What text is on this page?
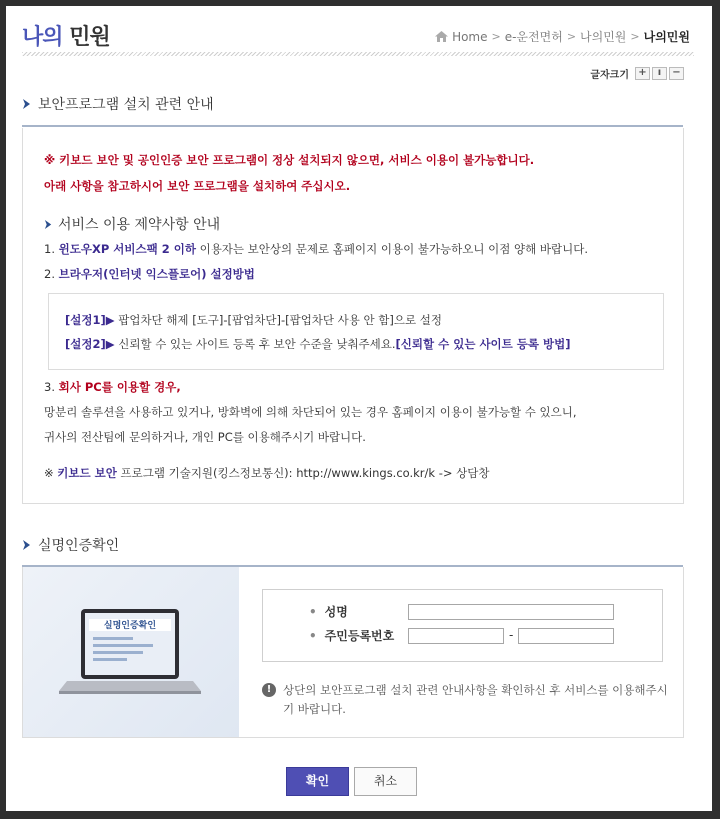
나의 민원	Home > e-운전면허 > 나의민원 > 나의민원
글자크기 +	ı	−
보안프로그램 설치 관련 안내
※ 키보드 보안 및 공인인증 보안 프로그램이 정상 설치되지 않으면, 서비스 이용이 불가능합니다.
아래 사항을 참고하시어 보안 프로그램을 설치하여 주십시오.
서비스 이용 제약사항 안내
1. 윈도우XP 서비스팩 2 이하 이용자는 보안상의 문제로 홈페이지 이용이 불가능하오니 이점 양해 바랍니다.
2. 브라우저(인터넷 익스플로어) 설정방법
[설정1]▶ 팝업차단 해제 [도구]-[팝업차단]-[팝업차단 사용 안 함]으로 설정
[설정2]▶ 신뢰할 수 있는 사이트 등록 후 보안 수준을 낮춰주세요.[신뢰할 수 있는 사이트 등록 방법]
3. 회사 PC를 이용할 경우,
망분리 솔루션을 사용하고 있거나, 방화벽에 의해 차단되어 있는 경우 홈페이지 이용이 불가능할 수 있으니,
귀사의 전산팀에 문의하거나, 개인 PC를 이용해주시기 바랍니다.
※ 키보드 보안 프로그램 기술지원(킹스정보통신): http://www.kings.co.kr/k -> 상담창
실명인증확인
실명인증확인
• 성명
• 주민등록번호	-
!	상단의 보안프로그램 설치 관련 안내사항을 확인하신 후 서비스를 이용해주시기 바랍니다.
확인	취소
